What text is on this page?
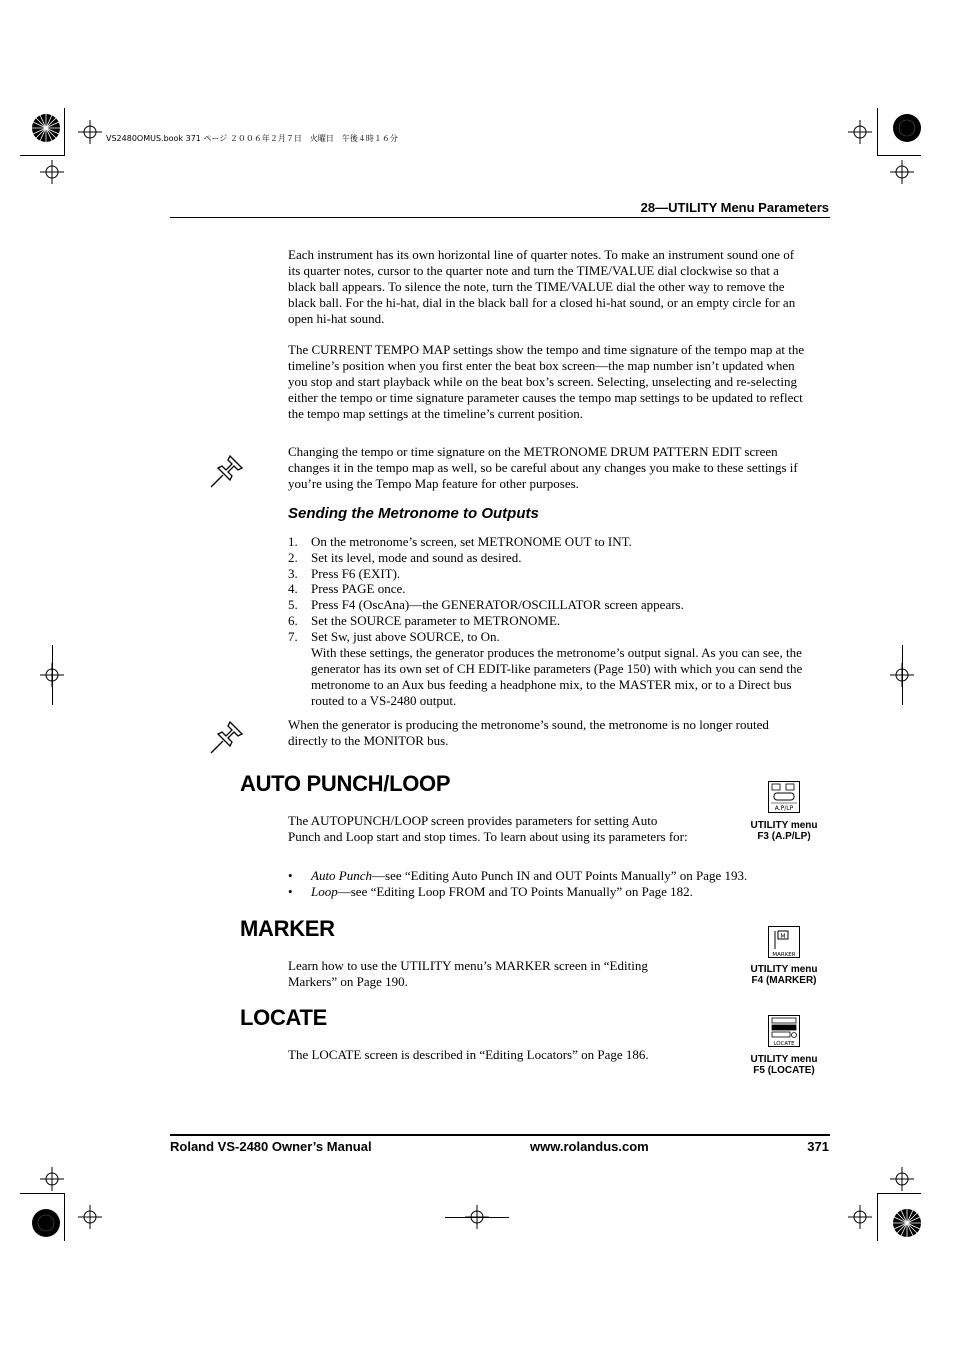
VS2480OMUS.book 371 ページ ２００６年２月７日　火曜日　午後４時１６分
28—UTILITY Menu Parameters

Each instrument has its own horizontal line of quarter notes. To make an instrument sound one of its quarter notes, cursor to the quarter note and turn the TIME/VALUE dial clockwise so that a black ball appears. To silence the note, turn the TIME/VALUE dial the other way to remove the black ball. For the hi-hat, dial in the black ball for a closed hi-hat sound, or an empty circle for an open hi-hat sound.

The CURRENT TEMPO MAP settings show the tempo and time signature of the tempo map at the timeline’s position when you first enter the beat box screen—the map number isn’t updated when you stop and start playback while on the beat box’s screen. Selecting, unselecting and re-selecting either the tempo or time signature parameter causes the tempo map settings to be updated to reflect the tempo map settings at the timeline’s current position.

Changing the tempo or time signature on the METRONOME DRUM PATTERN EDIT screen changes it in the tempo map as well, so be careful about any changes you make to these settings if you’re using the Tempo Map feature for other purposes.

Sending the Metronome to Outputs
1. On the metronome’s screen, set METRONOME OUT to INT.
2. Set its level, mode and sound as desired.
3. Press F6 (EXIT).
4. Press PAGE once.
5. Press F4 (OscAna)—the GENERATOR/OSCILLATOR screen appears.
6. Set the SOURCE parameter to METRONOME.
7. Set Sw, just above SOURCE, to On.
With these settings, the generator produces the metronome’s output signal. As you can see, the generator has its own set of CH EDIT-like parameters (Page 150) with which you can send the metronome to an Aux bus feeding a headphone mix, to the MASTER mix, or to a Direct bus routed to a VS-2480 output.

When the generator is producing the metronome’s sound, the metronome is no longer routed directly to the MONITOR bus.

AUTO PUNCH/LOOP

The AUTOPUNCH/LOOP screen provides parameters for setting Auto Punch and Loop start and stop times. To learn about using its parameters for:

• Auto Punch—see “Editing Auto Punch IN and OUT Points Manually” on Page 193.
• Loop—see “Editing Loop FROM and TO Points Manually” on Page 182.
A.P/LP
UTILITY menu
F3 (A.P/LP)
MARKER

Learn how to use the UTILITY menu’s MARKER screen in “Editing Markers” on Page 190.

M
MARKER
UTILITY menu
F4 (MARKER)
LOCATE

The LOCATE screen is described in “Editing Locators” on Page 186.

LOCATE
UTILITY menu
F5 (LOCATE)
Roland VS-2480 Owner’s Manual	www.rolandus.com	371
